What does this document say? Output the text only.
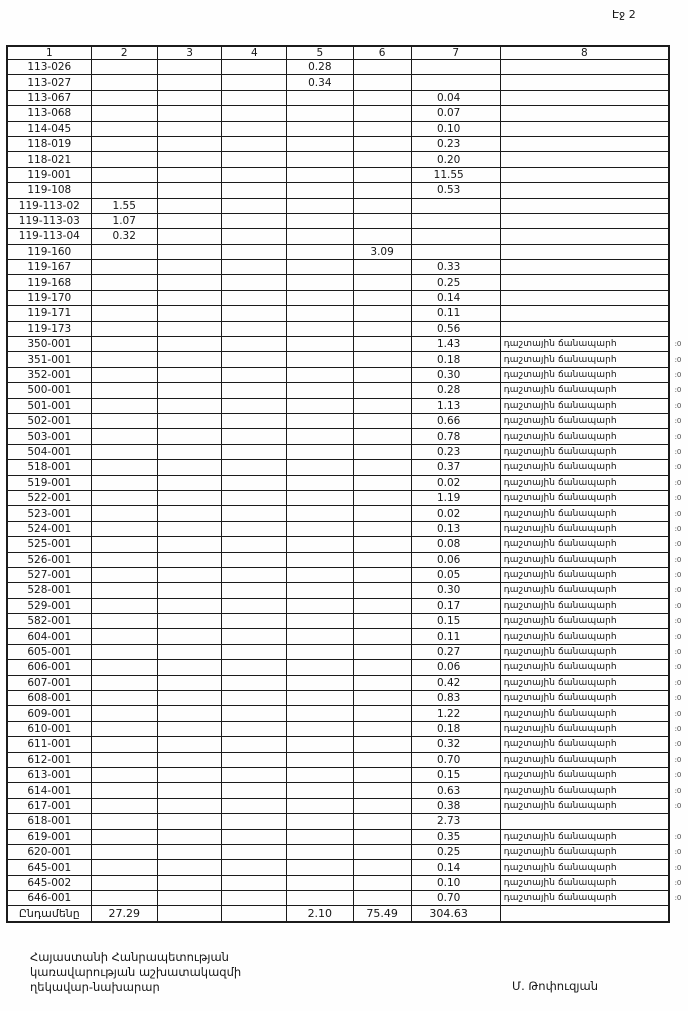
Էջ 2
1	2	3	4	5	6	7	8	
113-026				0.28				
113-027				0.34				
113-067						0.04		
113-068						0.07		
114-045						0.10		
118-019						0.23		
118-021						0.20		
119-001						11.55		
119-108						0.53		
119-113-02	1.55							
119-113-03	1.07							
119-113-04	0.32							
119-160					3.09			
119-167						0.33		
119-168						0.25		
119-170						0.14		
119-171						0.11		
119-173						0.56		
350-001						1.43	դաշտային ճանապարհ	:0
351-001						0.18	դաշտային ճանապարհ	:0
352-001						0.30	դաշտային ճանապարհ	:0
500-001						0.28	դաշտային ճանապարհ	:0
501-001						1.13	դաշտային ճանապարհ	:0
502-001						0.66	դաշտային ճանապարհ	:0
503-001						0.78	դաշտային ճանապարհ	:0
504-001						0.23	դաշտային ճանապարհ	:0
518-001						0.37	դաշտային ճանապարհ	:0
519-001						0.02	դաշտային ճանապարհ	:0
522-001						1.19	դաշտային ճանապարհ	:0
523-001						0.02	դաշտային ճանապարհ	:0
524-001						0.13	դաշտային ճանապարհ	:0
525-001						0.08	դաշտային ճանապարհ	:0
526-001						0.06	դաշտային ճանապարհ	:0
527-001						0.05	դաշտային ճանապարհ	:0
528-001						0.30	դաշտային ճանապարհ	:0
529-001						0.17	դաշտային ճանապարհ	:0
582-001						0.15	դաշտային ճանապարհ	:0
604-001						0.11	դաշտային ճանապարհ	:0
605-001						0.27	դաշտային ճանապարհ	:0
606-001						0.06	դաշտային ճանապարհ	:0
607-001						0.42	դաշտային ճանապարհ	:0
608-001						0.83	դաշտային ճանապարհ	:0
609-001						1.22	դաշտային ճանապարհ	:0
610-001						0.18	դաշտային ճանապարհ	:0
611-001						0.32	դաշտային ճանապարհ	:0
612-001						0.70	դաշտային ճանապարհ	:0
613-001						0.15	դաշտային ճանապարհ	:0
614-001						0.63	դաշտային ճանապարհ	:0
617-001						0.38	դաշտային ճանապարհ	:0
618-001						2.73		
619-001						0.35	դաշտային ճանապարհ	:0
620-001						0.25	դաշտային ճանապարհ	:0
645-001						0.14	դաշտային ճանապարհ	:0
645-002						0.10	դաշտային ճանապարհ	:0
646-001						0.70	դաշտային ճանապարհ	:0
Ընդամենը	27.29			2.10	75.49	304.63		
Հայաստանի Հանրապետության
կառավարության աշխատակազմի
ղեկավար-նախարար	Մ. Թոփուզյան
